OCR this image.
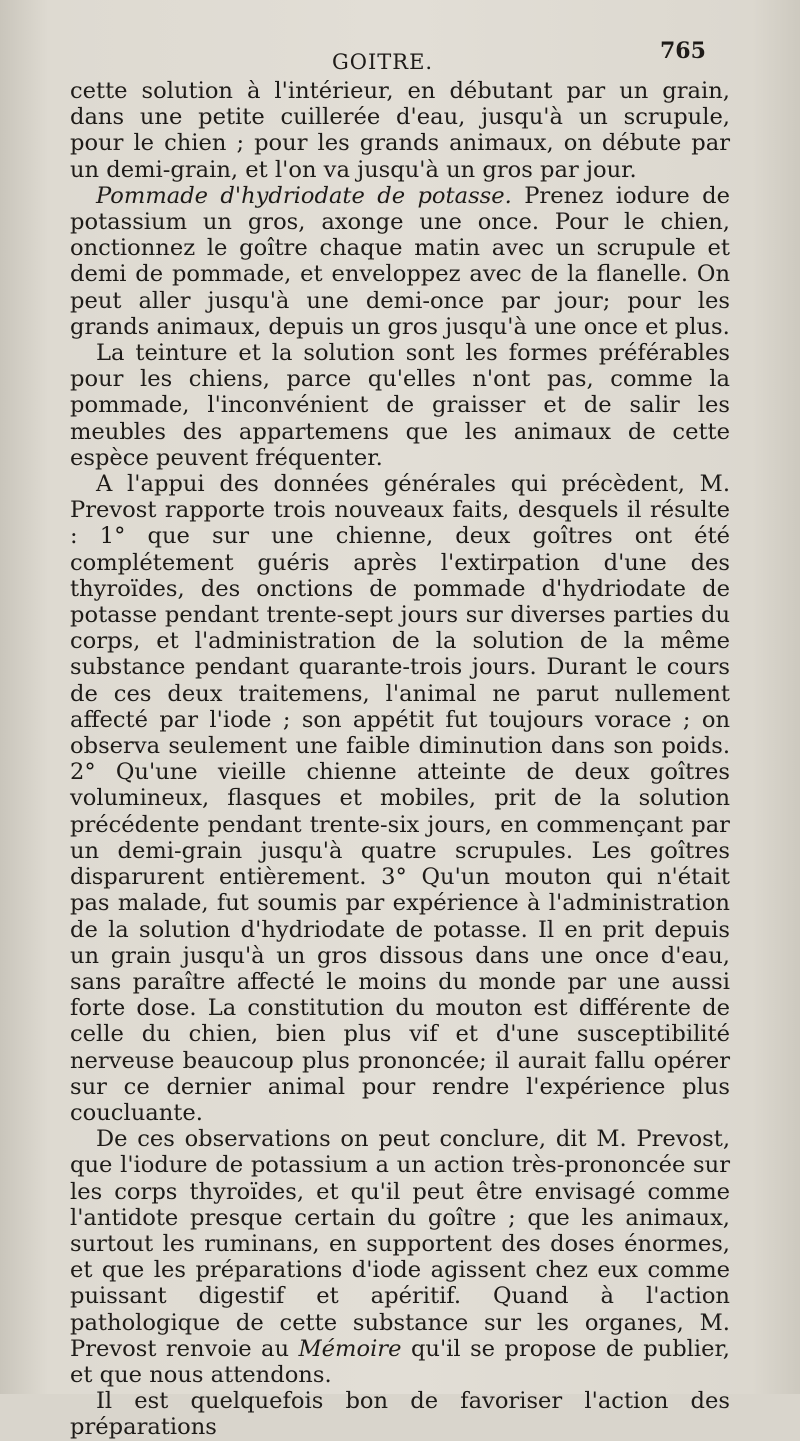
GOITRE.	765

cette solution à l'intérieur, en débutant par un grain, dans une petite cuillerée d'eau, jusqu'à un scrupule, pour le chien ; pour les grands animaux, on débute par un demi-grain, et l'on va jusqu'à un gros par jour.

Pommade d'hydriodate de potasse. Prenez iodure de potassium un gros, axonge une once. Pour le chien, onctionnez le goître chaque matin avec un scrupule et demi de pommade, et enveloppez avec de la flanelle. On peut aller jusqu'à une demi-once par jour; pour les grands animaux, depuis un gros jusqu'à une once et plus.

La teinture et la solution sont les formes préférables pour les chiens, parce qu'elles n'ont pas, comme la pommade, l'inconvénient de graisser et de salir les meubles des appartemens que les animaux de cette espèce peuvent fréquenter.

A l'appui des données générales qui précèdent, M. Prevost rapporte trois nouveaux faits, desquels il résulte : 1° que sur une chienne, deux goîtres ont été complétement guéris après l'extirpation d'une des thyroïdes, des onctions de pommade d'hydriodate de potasse pendant trente-sept jours sur diverses parties du corps, et l'administration de la solution de la même substance pendant quarante-trois jours. Durant le cours de ces deux traitemens, l'animal ne parut nullement affecté par l'iode ; son appétit fut toujours vorace ; on observa seulement une faible diminution dans son poids. 2° Qu'une vieille chienne atteinte de deux goîtres volumineux, flasques et mobiles, prit de la solution précédente pendant trente-six jours, en commençant par un demi-grain jusqu'à quatre scrupules. Les goîtres disparurent entièrement. 3° Qu'un mouton qui n'était pas malade, fut soumis par expérience à l'administration de la solution d'hydriodate de potasse. Il en prit depuis un grain jusqu'à un gros dissous dans une once d'eau, sans paraître affecté le moins du monde par une aussi forte dose. La constitution du mouton est différente de celle du chien, bien plus vif et d'une susceptibilité nerveuse beaucoup plus prononcée; il aurait fallu opérer sur ce dernier animal pour rendre l'expérience plus coucluante.

De ces observations on peut conclure, dit M. Prevost, que l'iodure de potassium a un action très-prononcée sur les corps thyroïdes, et qu'il peut être envisagé comme l'antidote presque certain du goître ; que les animaux, surtout les ruminans, en supportent des doses énormes, et que les préparations d'iode agissent chez eux comme puissant digestif et apéritif. Quand à l'action pathologique de cette substance sur les organes, M. Prevost renvoie au Mémoire qu'il se propose de publier, et que nous attendons.

Il est quelquefois bon de favoriser l'action des préparations
